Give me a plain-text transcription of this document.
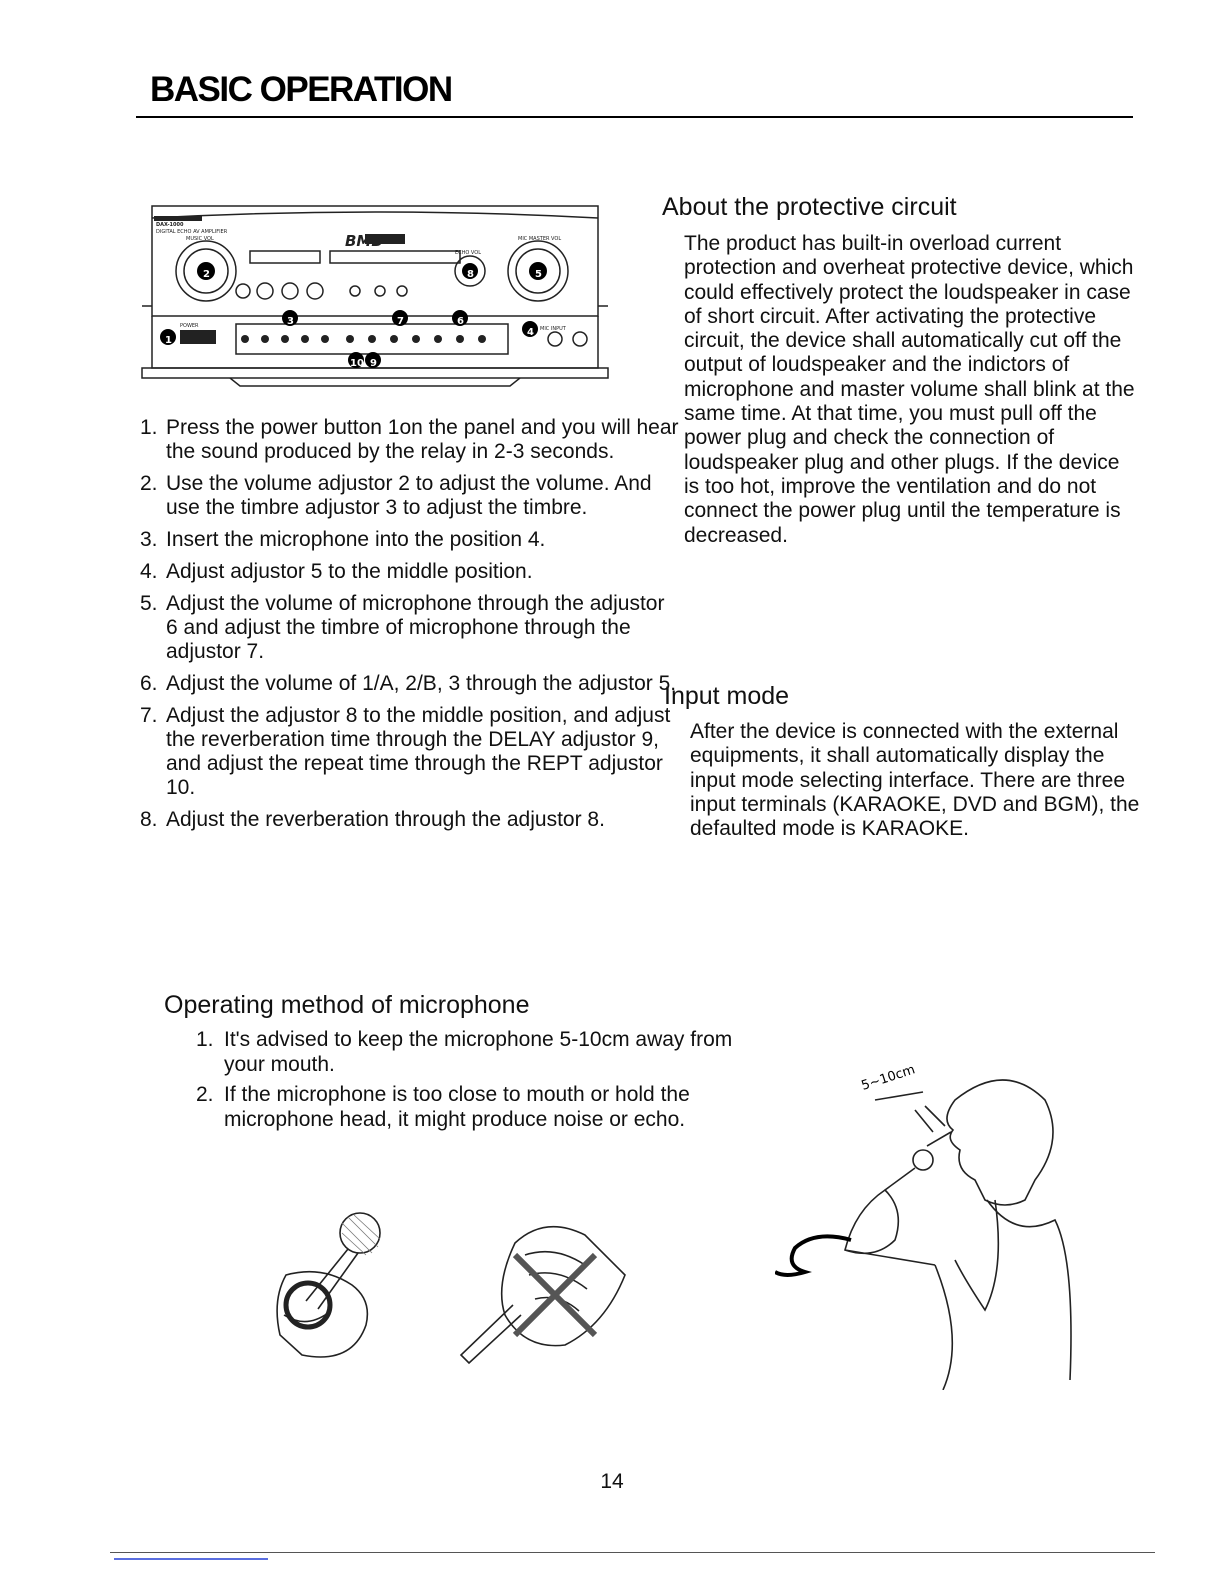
BASIC OPERATION
1
2
3
4
5
6
7
8
9
10
DAX-1000
DIGITAL ECHO AV AMPLIFIER	BMB
MUSIC VOL
ECHO VOL
MIC MASTER VOL
POWER	MIC INPUT
1. Press the power button 1on the panel and you will hear the sound produced by the relay in 2-3 seconds.
2. Use the volume adjustor 2 to adjust the volume. And use the timbre adjustor 3 to adjust the timbre.
3. Insert the microphone into the position 4.
4. Adjust adjustor 5 to the middle position.
5. Adjust the volume of microphone through the adjustor 6 and adjust the timbre of microphone through the adjustor 7.
6. Adjust the volume of 1/A, 2/B, 3 through the adjustor 5.
7. Adjust the adjustor 8 to the middle position, and adjust the reverberation time through the DELAY adjustor 9, and adjust the repeat time through the REPT adjustor 10.
8. Adjust the reverberation through the adjustor 8.
About the protective circuit

The product has built-in overload current protection and overheat protective device, which could effectively protect the loudspeaker in case of short circuit. After activating the protective circuit, the device shall automatically cut off the output of loudspeaker and the indictors of microphone and master volume shall blink at the same time. At that time, you must pull off the power plug and check the connection of loudspeaker plug and other plugs. If the device is too hot, improve the ventilation and do not connect the power plug until the temperature is decreased.

Input mode

After the device is connected with the external equipments, it shall automatically display the input mode selecting interface. There are three input terminals (KARAOKE, DVD and BGM), the defaulted mode is KARAOKE.

Operating method of microphone
1. It's advised to keep the microphone 5-10cm away from your mouth.
2. If the microphone is too close to mouth or hold the microphone head, it might produce noise or echo.
5~10cm

14
